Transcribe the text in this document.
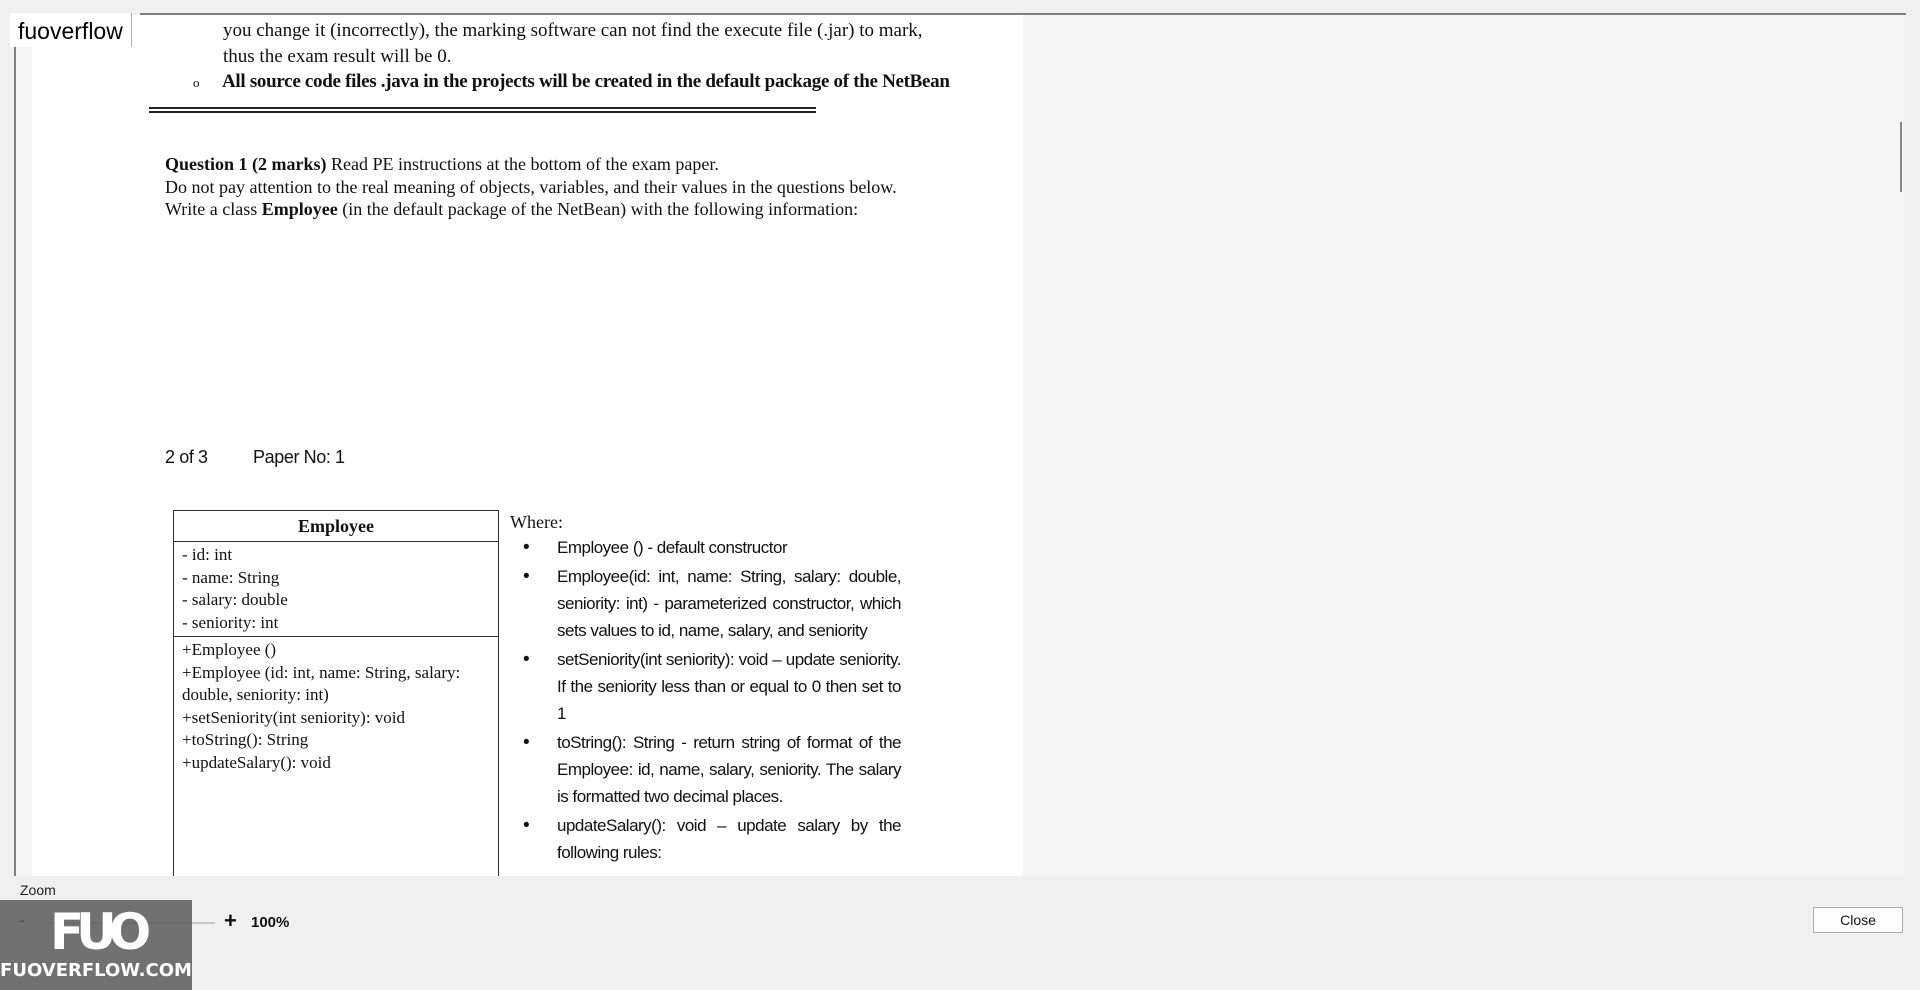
you change it (incorrectly), the marking software can not find the execute file (.jar) to mark,
thus the exam result will be 0.
o All source code files .java in the projects will be created in the default package of the NetBean
Question 1 (2 marks) Read PE instructions at the bottom of the exam paper.
Do not pay attention to the real meaning of objects, variables, and their values in the questions below.
Write a class Employee (in the default package of the NetBean) with the following information:
2 of 3	Paper No: 1
Employee
- id: int
- name: String
- salary: double
- seniority: int
+Employee ()
+Employee (id: int, name: String, salary:
double, seniority: int)
+setSeniority(int seniority): void
+toString(): String
+updateSalary(): void
Where:
• Employee () - default constructor
• Employee(id: int, name: String, salary: double, seniority: int) - parameterized constructor, which sets values to id, name, salary, and seniority
• setSeniority(int seniority): void – update seniority. If the seniority less than or equal to 0 then set to 1
• toString(): String - return string of format of the Employee: id, name, salary, seniority. The salary is formatted two decimal places.
• updateSalary(): void – update salary by the following rules:
fuoverflow
Zoom
+ 100%	Close
FUO
FUOVERFLOW.COM
